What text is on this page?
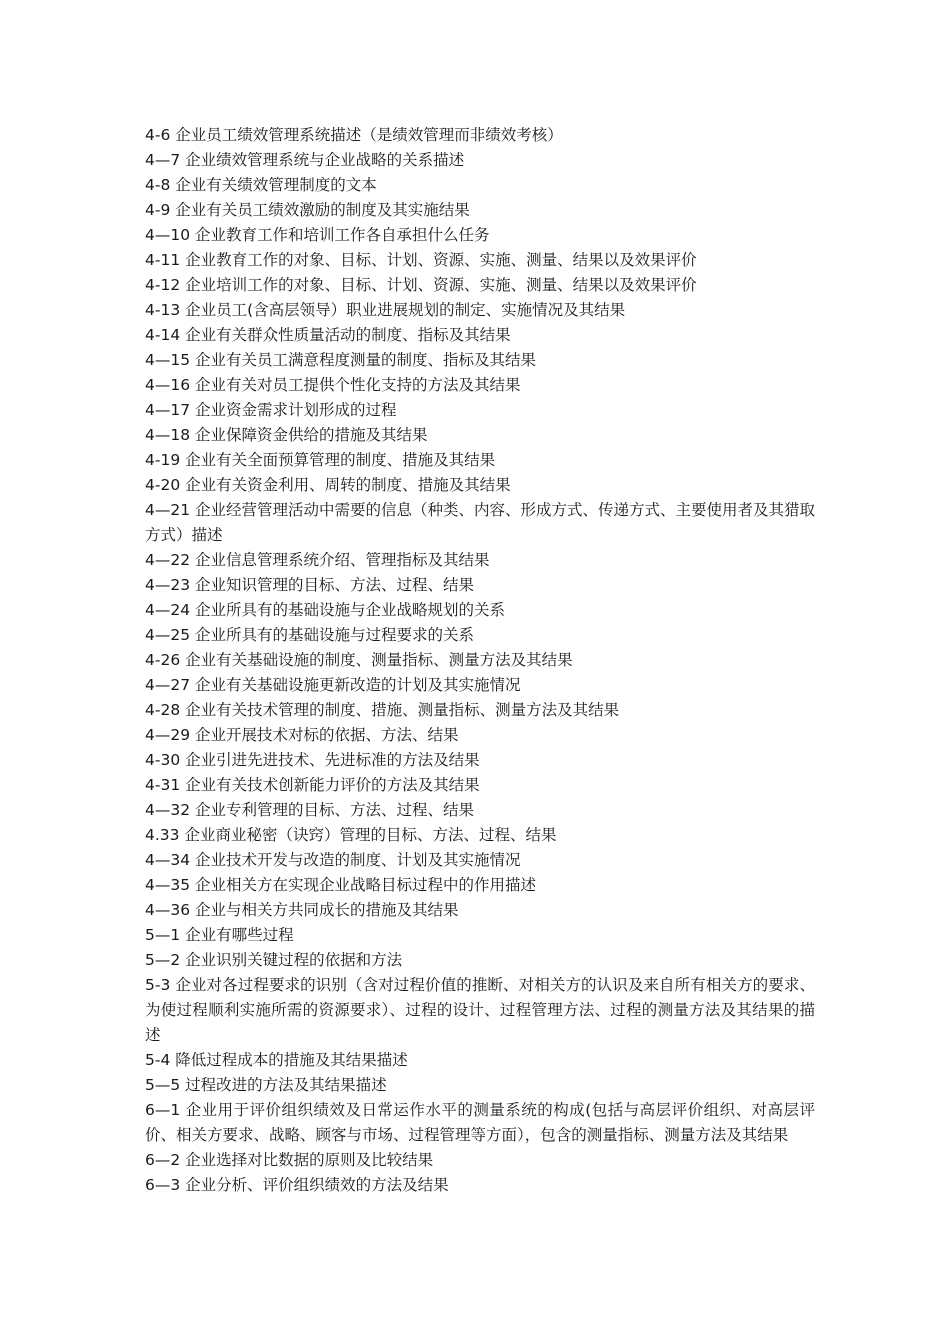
4-6 企业员工绩效管理系统描述（是绩效管理而非绩效考核）

4—7 企业绩效管理系统与企业战略的关系描述

4-8 企业有关绩效管理制度的文本

4-9 企业有关员工绩效激励的制度及其实施结果

4—10 企业教育工作和培训工作各自承担什么任务

4-11 企业教育工作的对象、目标、计划、资源、实施、测量、结果以及效果评价

4-12 企业培训工作的对象、目标、计划、资源、实施、测量、结果以及效果评价

4-13 企业员工(含高层领导）职业进展规划的制定、实施情况及其结果

4-14 企业有关群众性质量活动的制度、指标及其结果

4—15 企业有关员工满意程度测量的制度、指标及其结果

4—16 企业有关对员工提供个性化支持的方法及其结果

4—17 企业资金需求计划形成的过程

4—18 企业保障资金供给的措施及其结果

4-19 企业有关全面预算管理的制度、措施及其结果

4-20 企业有关资金利用、周转的制度、措施及其结果

4—21 企业经营管理活动中需要的信息（种类、内容、形成方式、传递方式、主要使用者及其猎取方式）描述

4—22 企业信息管理系统介绍、管理指标及其结果

4—23 企业知识管理的目标、方法、过程、结果

4—24 企业所具有的基础设施与企业战略规划的关系

4—25 企业所具有的基础设施与过程要求的关系

4-26 企业有关基础设施的制度、测量指标、测量方法及其结果

4—27 企业有关基础设施更新改造的计划及其实施情况

4-28 企业有关技术管理的制度、措施、测量指标、测量方法及其结果

4—29 企业开展技术对标的依据、方法、结果

4-30 企业引进先进技术、先进标准的方法及结果

4-31 企业有关技术创新能力评价的方法及其结果

4—32 企业专利管理的目标、方法、过程、结果

4.33 企业商业秘密（诀窍）管理的目标、方法、过程、结果

4—34 企业技术开发与改造的制度、计划及其实施情况

4—35 企业相关方在实现企业战略目标过程中的作用描述

4—36 企业与相关方共同成长的措施及其结果

5—1 企业有哪些过程

5—2 企业识别关键过程的依据和方法

5-3 企业对各过程要求的识别（含对过程价值的推断、对相关方的认识及来自所有相关方的要求、为使过程顺利实施所需的资源要求）、过程的设计、过程管理方法、过程的测量方法及其结果的描述

5-4 降低过程成本的措施及其结果描述

5—5 过程改进的方法及其结果描述

6—1 企业用于评价组织绩效及日常运作水平的测量系统的构成(包括与高层评价组织、对高层评价、相关方要求、战略、顾客与市场、过程管理等方面），包含的测量指标、测量方法及其结果

6—2 企业选择对比数据的原则及比较结果

6—3 企业分析、评价组织绩效的方法及结果
